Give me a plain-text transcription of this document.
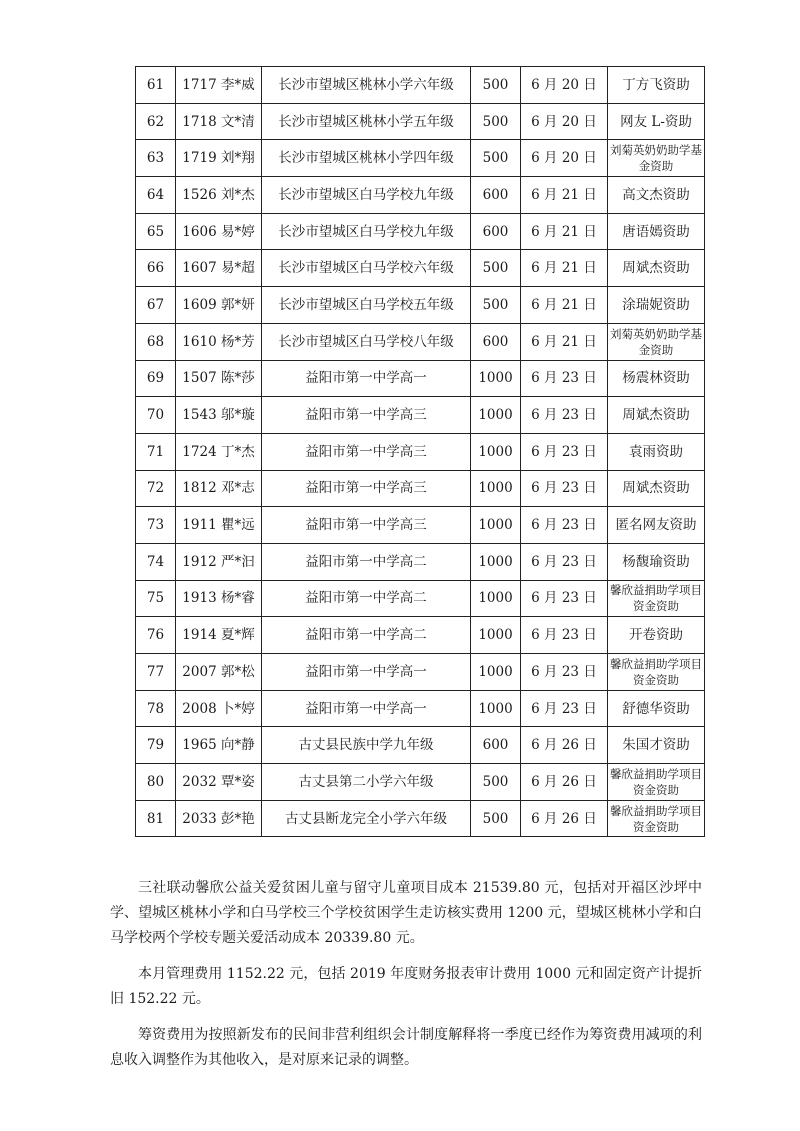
61	1717 李*威	长沙市望城区桃林小学六年级	500	6 月 20 日	丁方飞资助
62	1718 文*清	长沙市望城区桃林小学五年级	500	6 月 20 日	网友 L-资助
63	1719 刘*翔	长沙市望城区桃林小学四年级	500	6 月 20 日	刘菊英奶奶助学基金资助
64	1526 刘*杰	长沙市望城区白马学校九年级	600	6 月 21 日	高文杰资助
65	1606 易*婷	长沙市望城区白马学校九年级	600	6 月 21 日	唐语嫣资助
66	1607 易*超	长沙市望城区白马学校六年级	500	6 月 21 日	周斌杰资助
67	1609 郭*妍	长沙市望城区白马学校五年级	500	6 月 21 日	涂瑞妮资助
68	1610 杨*芳	长沙市望城区白马学校八年级	600	6 月 21 日	刘菊英奶奶助学基金资助
69	1507 陈*莎	益阳市第一中学高一	1000	6 月 23 日	杨震林资助
70	1543 邬*璇	益阳市第一中学高三	1000	6 月 23 日	周斌杰资助
71	1724 丁*杰	益阳市第一中学高三	1000	6 月 23 日	袁雨资助
72	1812 邓*志	益阳市第一中学高三	1000	6 月 23 日	周斌杰资助
73	1911 瞿*远	益阳市第一中学高三	1000	6 月 23 日	匿名网友资助
74	1912 严*汩	益阳市第一中学高二	1000	6 月 23 日	杨馥瑜资助
75	1913 杨*睿	益阳市第一中学高二	1000	6 月 23 日	馨欣益捐助学项目资金资助
76	1914 夏*辉	益阳市第一中学高二	1000	6 月 23 日	开卷资助
77	2007 郭*松	益阳市第一中学高一	1000	6 月 23 日	馨欣益捐助学项目资金资助
78	2008 卜*婷	益阳市第一中学高一	1000	6 月 23 日	舒德华资助
79	1965 向*静	古丈县民族中学九年级	600	6 月 26 日	朱国才资助
80	2032 覃*姿	古丈县第二小学六年级	500	6 月 26 日	馨欣益捐助学项目资金资助
81	2033 彭*艳	古丈县断龙完全小学六年级	500	6 月 26 日	馨欣益捐助学项目资金资助

三社联动馨欣公益关爱贫困儿童与留守儿童项目成本 21539.80 元，包括对开福区沙坪中学、望城区桃林小学和白马学校三个学校贫困学生走访核实费用 1200 元，望城区桃林小学和白马学校两个学校专题关爱活动成本 20339.80 元。

本月管理费用 1152.22 元，包括 2019 年度财务报表审计费用 1000 元和固定资产计提折旧 152.22 元。

筹资费用为按照新发布的民间非营利组织会计制度解释将一季度已经作为筹资费用减项的利息收入调整作为其他收入，是对原来记录的调整。
